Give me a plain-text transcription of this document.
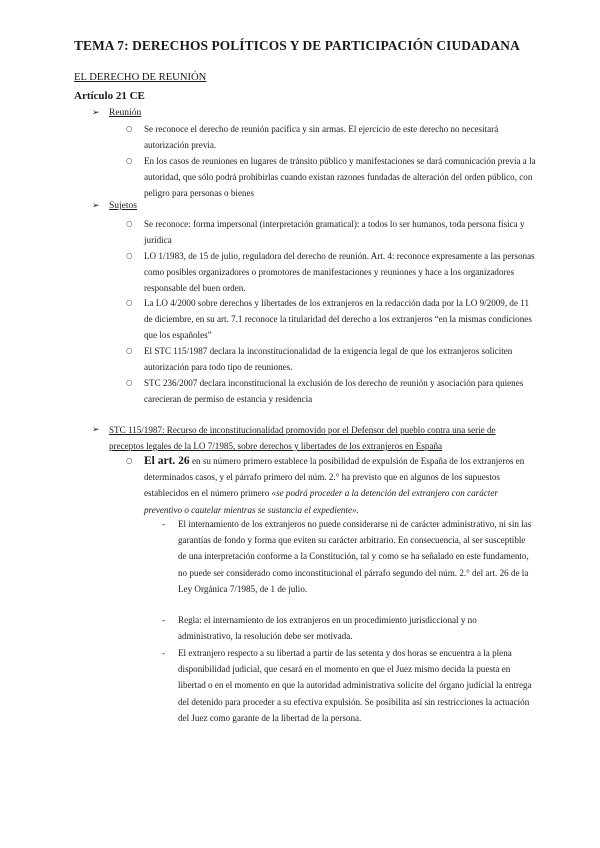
TEMA 7: DERECHOS POLÍTICOS Y DE PARTICIPACIÓN CIUDADANA
EL DERECHO DE REUNIÓN
Artículo 21 CE
➢ Reunión
○ Se reconoce el derecho de reunión pacífica y sin armas. El ejercicio de este derecho no necesitará autorización previa.
○ En los casos de reuniones en lugares de tránsito público y manifestaciones se dará comunicación previa a la autoridad, que sólo podrá prohibirlas cuando existan razones fundadas de alteración del orden público, con peligro para personas o bienes
➢ Sujetos
○ Se reconoce: forma impersonal (interpretación gramatical): a todos lo ser humanos, toda persona física y jurídica
○ LO 1/1983, de 15 de julio, reguladora del derecho de reunión. Art. 4: reconoce expresamente a las personas como posibles organizadores o promotores de manifestaciones y reuniones y hace a los organizadores responsable del buen orden.
○ La LO 4/2000 sobre derechos y libertades de los extranjeros en la redacción dada por la LO 9/2009, de 11 de diciembre, en su art. 7.1 reconoce la titularidad del derecho a los extranjeros “en la mismas condiciones que los españoles”
○ El STC 115/1987 declara la inconstitucionalidad de la exigencia legal de que los extranjeros soliciten autorización para todo tipo de reuniones.
○ STC 236/2007 declara inconstitucional la exclusión de los derecho de reunión y asociación para quienes carecieran de permiso de estancia y residencia
➢ STC 115/1987: Recurso de inconstitucionalidad promovido por el Defensor del pueblo contra una serie de preceptos legales de la LO 7/1985, sobre derechos y libertades de los extranjeros en España
○ El art. 26 en su número primero establece la posibilidad de expulsión de España de los extranjeros en determinados casos, y el párrafo primero del núm. 2.° ha previsto que en algunos de los supuestos establecidos en el número primero «se podrá proceder a la detención del extranjero con carácter preventivo o cautelar mientras se sustancia el expediente».
- El internamiento de los extranjeros no puede considerarse ni de carácter administrativo, ni sin las garantías de fondo y forma que eviten su carácter arbitrario. En consecuencia, al ser susceptible de una interpretación conforme a la Constitución, tal y como se ha señalado en este fundamento, no puede ser considerado como inconstitucional el párrafo segundo del núm. 2.° del art. 26 de la Ley Orgánica 7/1985, de 1 de julio.
- Regla: el internamiento de los extranjeros en un procedimiento jurisdiccional y no administrativo, la resolución debe ser motivada.
- El extranjero respecto a su libertad a partir de las setenta y dos horas se encuentra a la plena disponibilidad judicial, que cesará en el momento en que el Juez mismo decida la puesta en libertad o en el momento en que la autoridad administrativa solicite del órgano judicial la entrega del detenido para proceder a su efectiva expulsión. Se posibilita así sin restricciones la actuación del Juez como garante de la libertad de la persona.
